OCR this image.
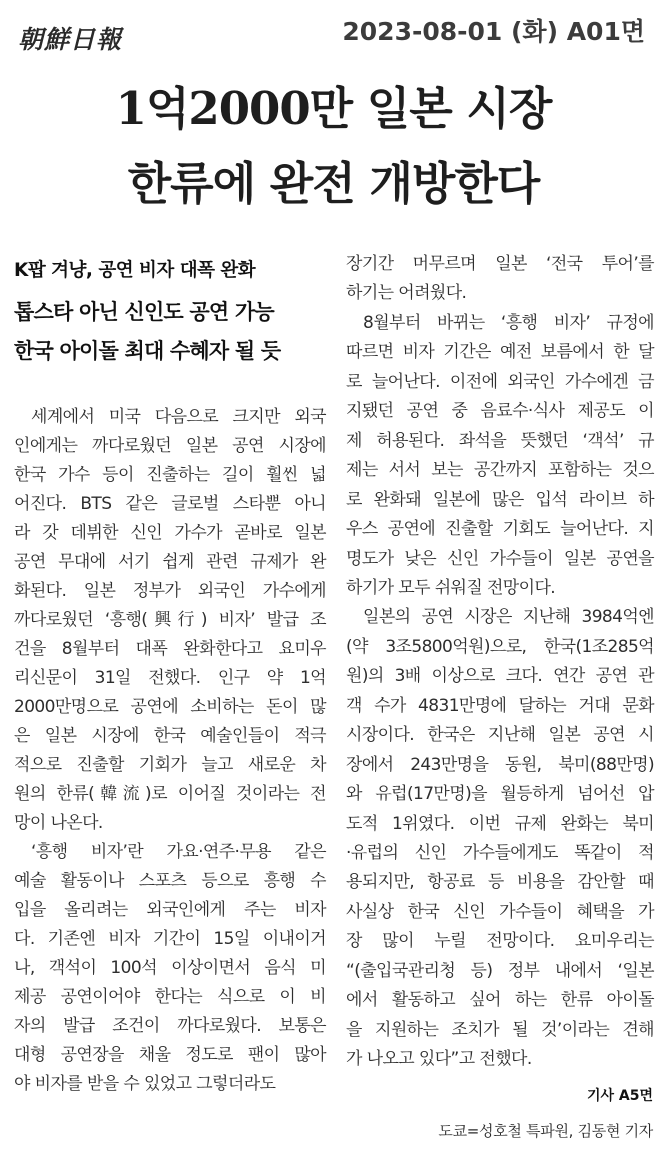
朝鮮日報	2023-08-01 (화) A01면
1억2000만 일본 시장
한류에 완전 개방한다
K팝 겨냥, 공연 비자 대폭 완화
톱스타 아닌 신인도 공연 가능
한국 아이돌 최대 수혜자 될 듯
세계에서 미국 다음으로 크지만 외국
인에게는 까다로웠던 일본 공연 시장에
한국 가수 등이 진출하는 길이 훨씬 넓
어진다. BTS 같은 글로벌 스타뿐 아니
라 갓 데뷔한 신인 가수가 곧바로 일본
공연 무대에 서기 쉽게 관련 규제가 완
화된다. 일본 정부가 외국인 가수에게
까다로웠던 ‘흥행(興行) 비자’ 발급 조
건을 8월부터 대폭 완화한다고 요미우
리신문이 31일 전했다. 인구 약 1억
2000만명으로 공연에 소비하는 돈이 많
은 일본 시장에 한국 예술인들이 적극
적으로 진출할 기회가 늘고 새로운 차
원의 한류(韓流)로 이어질 것이라는 전
망이 나온다.
‘흥행 비자’란 가요·연주·무용 같은
예술 활동이나 스포츠 등으로 흥행 수
입을 올리려는 외국인에게 주는 비자
다. 기존엔 비자 기간이 15일 이내이거
나, 객석이 100석 이상이면서 음식 미
제공 공연이어야 한다는 식으로 이 비
자의 발급 조건이 까다로웠다. 보통은
대형 공연장을 채울 정도로 팬이 많아
야 비자를 받을 수 있었고 그렇더라도
장기간 머무르며 일본 ‘전국 투어’를
하기는 어려웠다.
8월부터 바뀌는 ‘흥행 비자’ 규정에
따르면 비자 기간은 예전 보름에서 한 달
로 늘어난다. 이전에 외국인 가수에겐 금
지됐던 공연 중 음료수·식사 제공도 이
제 허용된다. 좌석을 뜻했던 ‘객석’ 규
제는 서서 보는 공간까지 포함하는 것으
로 완화돼 일본에 많은 입석 라이브 하
우스 공연에 진출할 기회도 늘어난다. 지
명도가 낮은 신인 가수들이 일본 공연을
하기가 모두 쉬워질 전망이다.
일본의 공연 시장은 지난해 3984억엔
(약 3조5800억원)으로, 한국(1조285억
원)의 3배 이상으로 크다. 연간 공연 관
객 수가 4831만명에 달하는 거대 문화
시장이다. 한국은 지난해 일본 공연 시
장에서 243만명을 동원, 북미(88만명)
와 유럽(17만명)을 월등하게 넘어선 압
도적 1위였다. 이번 규제 완화는 북미
·유럽의 신인 가수들에게도 똑같이 적
용되지만, 항공료 등 비용을 감안할 때
사실상 한국 신인 가수들이 혜택을 가
장 많이 누릴 전망이다. 요미우리는
“(출입국관리청 등) 정부 내에서 ‘일본
에서 활동하고 싶어 하는 한류 아이돌
을 지원하는 조치가 될 것’이라는 견해
가 나오고 있다”고 전했다.
기사 A5면
도쿄=성호철 특파원, 김동현 기자
